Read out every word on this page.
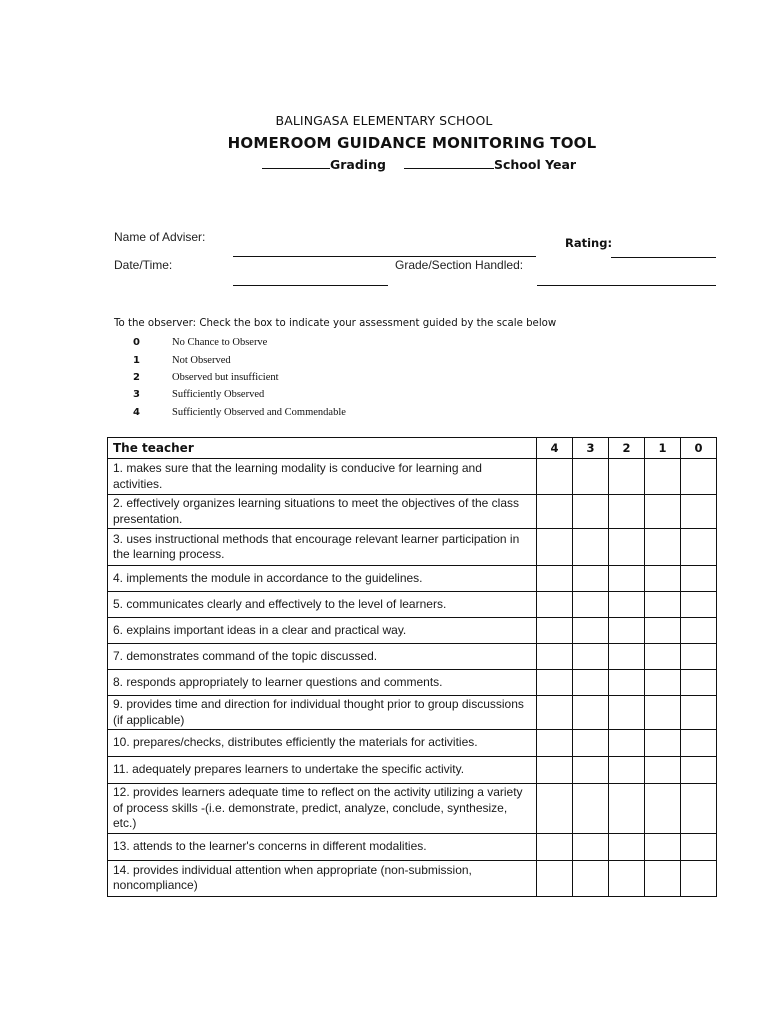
BALINGASA ELEMENTARY SCHOOL
HOMEROOM GUIDANCE MONITORING TOOL
Grading	School Year
Name of Adviser:	Rating:
Date/Time:	Grade/Section Handled:
To the observer: Check the box to indicate your assessment guided by the scale below
0	No Chance to Observe
1	Not Observed
2	Observed but insufficient
3	Sufficiently Observed
4	Sufficiently Observed and Commendable
The teacher	4	3	2	1	0
1. makes sure that the learning modality is conducive for learning and activities.					
2. effectively organizes learning situations to meet the objectives of the class presentation.					
3. uses instructional methods that encourage relevant learner participation in the learning process.					
4. implements the module in accordance to the guidelines.					
5. communicates clearly and effectively to the level of learners.					
6. explains important ideas in a clear and practical way.					
7. demonstrates command of the topic discussed.					
8. responds appropriately to learner questions and comments.					
9. provides time and direction for individual thought prior to group discussions (if applicable)					
10. prepares/checks, distributes efficiently the materials for activities.					
11. adequately prepares learners to undertake the specific activity.					
12. provides learners adequate time to reflect on the activity utilizing a variety of process skills -(i.e. demonstrate, predict, analyze, conclude, synthesize, etc.)					
13. attends to the learner's concerns in different modalities.					
14. provides individual attention when appropriate (non-submission, noncompliance)					
